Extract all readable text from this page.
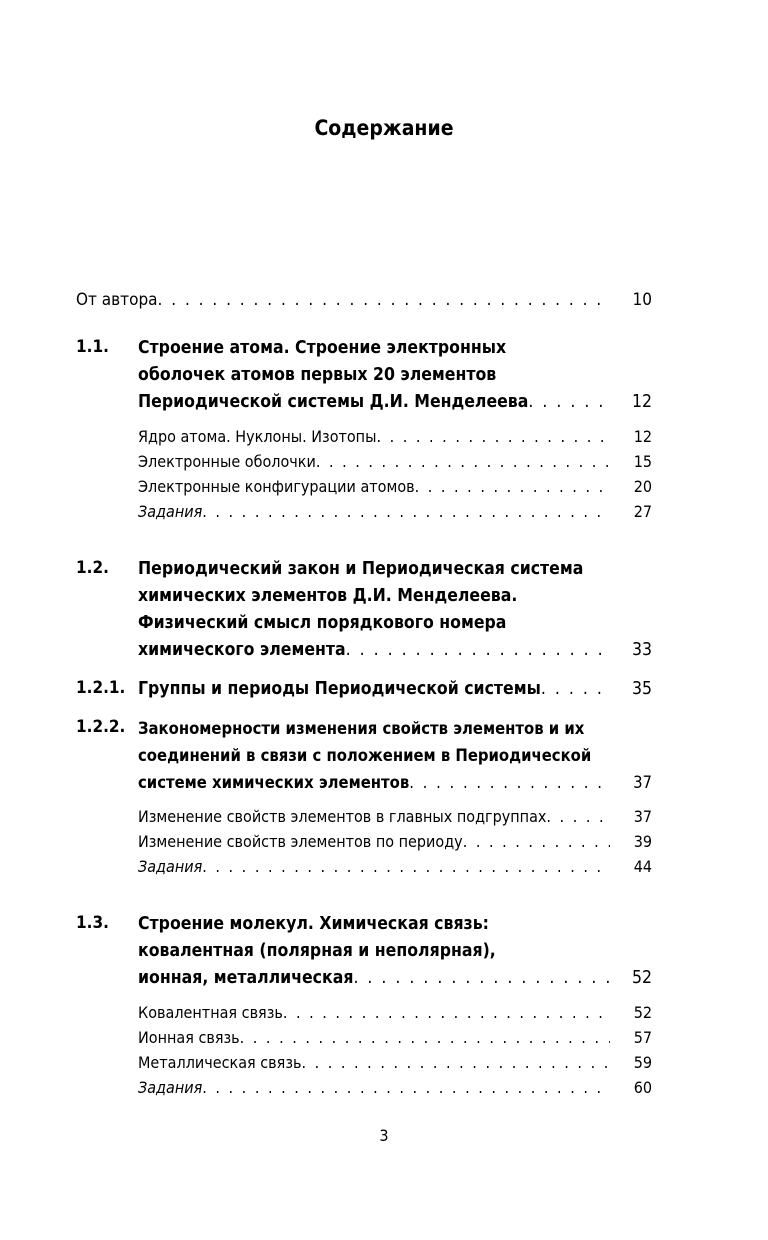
Содержание
От автора . . .	10
1.1.	Строение атома. Строение электронных
оболочек атомов первых 20 элементов
Периодической системы Д.И. Менделеева . . .	12
Ядро атома. Нуклоны. Изотопы . . .	12
Электронные оболочки . . .	15
Электронные конфигурации атомов . . .	20
Задания . . .	27
1.2.	Периодический закон и Периодическая система
химических элементов Д.И. Менделеева.
Физический смысл порядкового номера
химического элемента . . .	33
1.2.1. Группы и периоды Периодической системы . . .	35
1.2.2. Закономерности изменения свойств элементов и их
соединений в связи с положением в Периодической
системе химических элементов . . .	37
Изменение свойств элементов в главных подгруппах . . .	37
Изменение свойств элементов по периоду . . .	39
Задания . . .	44
1.3.	Строение молекул. Химическая связь:
ковалентная (полярная и неполярная),
ионная, металлическая . . .	52
Ковалентная связь . . .	52
Ионная связь . . .	57
Металлическая связь . . .	59
Задания . . .	60
3
